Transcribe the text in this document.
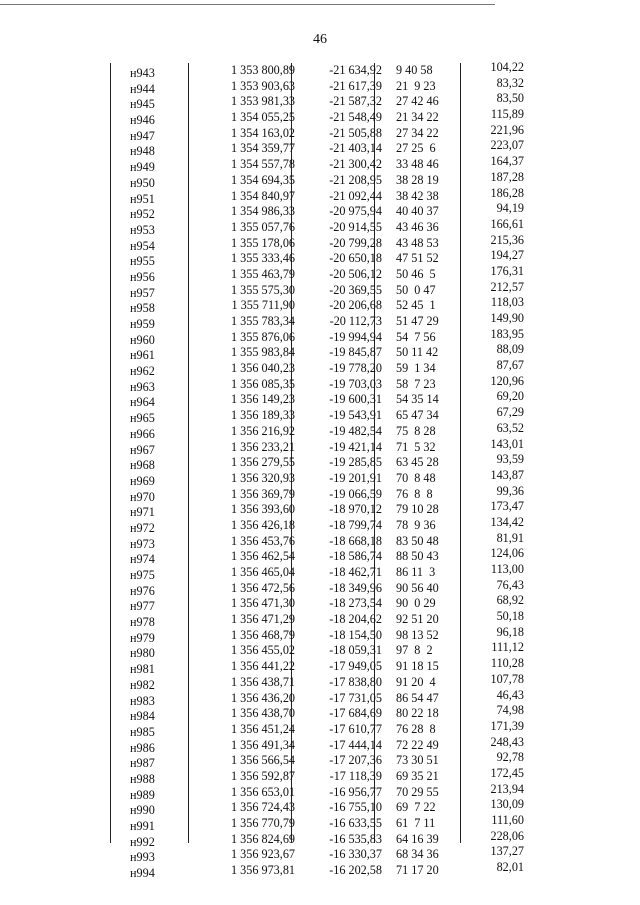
46
н943	1 353 800,89	-21 634,92 9 40 58	104,22
н944	1 353 903,63	-21 617,39 21  9 23	83,32
н945	1 353 981,33	-21 587,32 27 42 46	83,50
н946	1 354 055,25	-21 548,49 21 34 22	115,89
н947	1 354 163,02	-21 505,88 27 34 22	221,96
н948	1 354 359,77	-21 403,14 27 25  6	223,07
н949	1 354 557,78	-21 300,42 33 48 46	164,37
н950	1 354 694,35	-21 208,95 38 28 19	187,28
н951	1 354 840,97	-21 092,44 38 42 38	186,28
н952	1 354 986,33	-20 975,94 40 40 37	94,19
н953	1 355 057,76	-20 914,55 43 46 36	166,61
н954	1 355 178,06	-20 799,28 43 48 53	215,36
н955	1 355 333,46	-20 650,18 47 51 52	194,27
н956	1 355 463,79	-20 506,12 50 46  5	176,31
н957	1 355 575,30	-20 369,55 50  0 47	212,57
н958	1 355 711,90	-20 206,68 52 45  1	118,03
н959	1 355 783,34	-20 112,73 51 47 29	149,90
н960	1 355 876,06	-19 994,94 54  7 56	183,95
н961	1 355 983,84	-19 845,87 50 11 42	88,09
н962	1 356 040,23	-19 778,20 59  1 34	87,67
н963	1 356 085,35	-19 703,03 58  7 23	120,96
н964	1 356 149,23	-19 600,31 54 35 14	69,20
н965	1 356 189,33	-19 543,91 65 47 34	67,29
н966	1 356 216,92	-19 482,54 75  8 28	63,52
н967	1 356 233,21	-19 421,14 71  5 32	143,01
н968	1 356 279,55	-19 285,85 63 45 28	93,59
н969	1 356 320,93	-19 201,91 70  8 48	143,87
н970	1 356 369,79	-19 066,59 76  8  8	99,36
н971	1 356 393,60	-18 970,12 79 10 28	173,47
н972	1 356 426,18	-18 799,74 78  9 36	134,42
н973	1 356 453,76	-18 668,18 83 50 48	81,91
н974	1 356 462,54	-18 586,74 88 50 43	124,06
н975	1 356 465,04	-18 462,71 86 11  3	113,00
н976	1 356 472,56	-18 349,96 90 56 40	76,43
н977	1 356 471,30	-18 273,54 90  0 29	68,92
н978	1 356 471,29	-18 204,62 92 51 20	50,18
н979	1 356 468,79	-18 154,50 98 13 52	96,18
н980	1 356 455,02	-18 059,31 97  8  2	111,12
н981	1 356 441,22	-17 949,05 91 18 15	110,28
н982	1 356 438,71	-17 838,80 91 20  4	107,78
н983	1 356 436,20	-17 731,05 86 54 47	46,43
н984	1 356 438,70	-17 684,69 80 22 18	74,98
н985	1 356 451,24	-17 610,77 76 28  8	171,39
н986	1 356 491,34	-17 444,14 72 22 49	248,43
н987	1 356 566,54	-17 207,36 73 30 51	92,78
н988	1 356 592,87	-17 118,39 69 35 21	172,45
н989	1 356 653,01	-16 956,77 70 29 55	213,94
н990	1 356 724,43	-16 755,10 69  7 22	130,09
н991	1 356 770,79	-16 633,55 61  7 11	111,60
н992	1 356 824,69	-16 535,83 64 16 39	228,06
н993	1 356 923,67	-16 330,37 68 34 36	137,27
н994	1 356 973,81	-16 202,58 71 17 20	82,01
